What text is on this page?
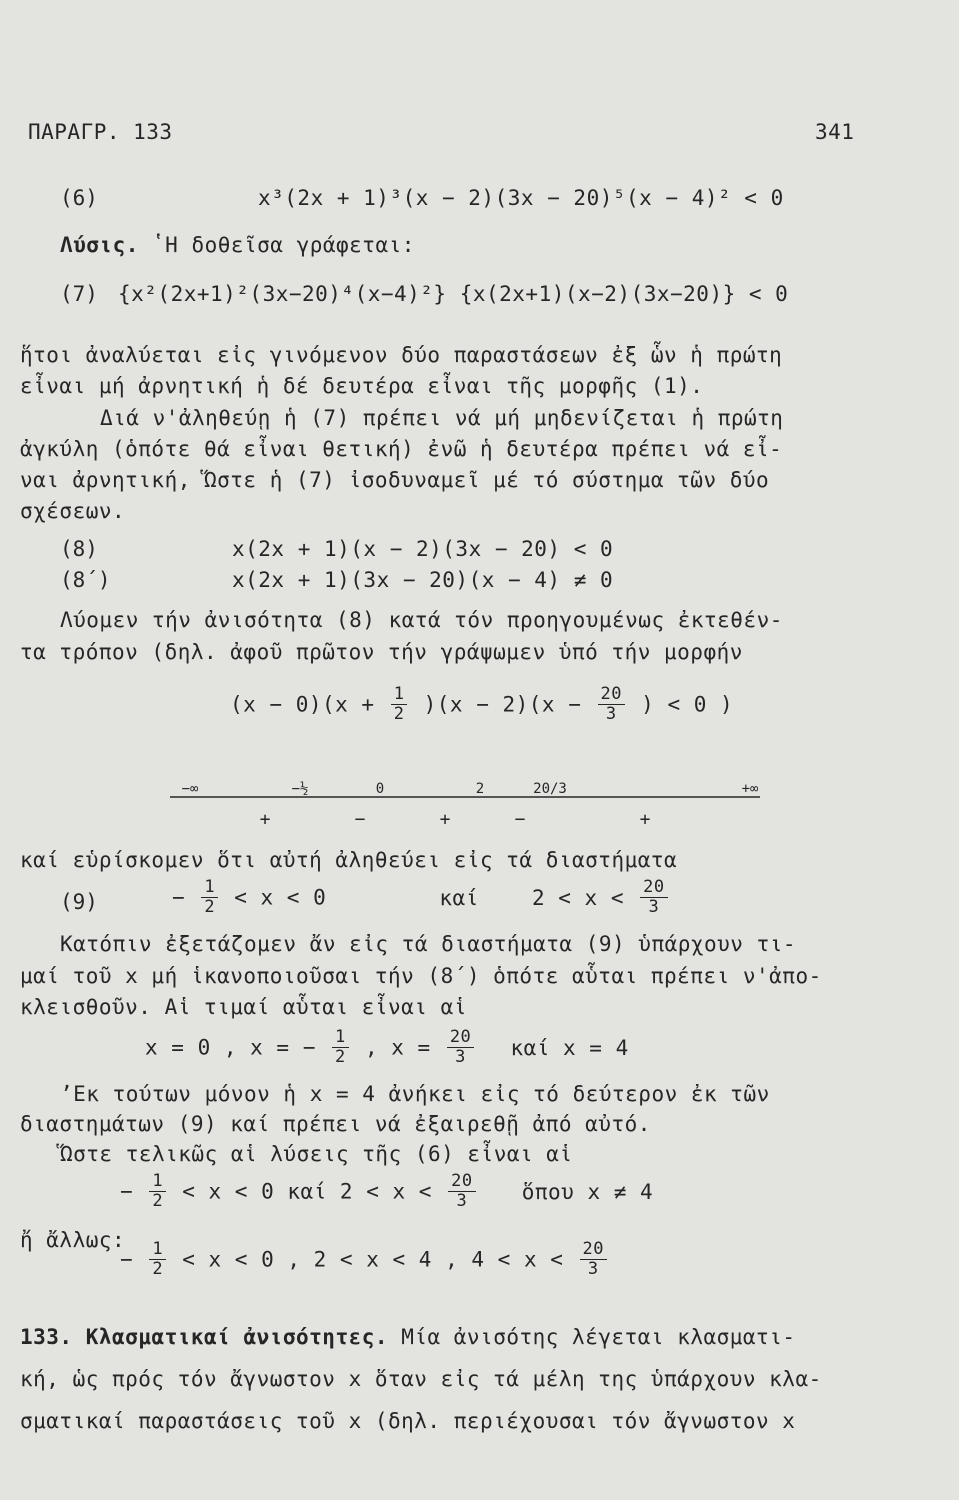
ΠΑΡΑΓΡ. 133	341
(6)	x³(2x + 1)³(x − 2)(3x − 20)⁵(x − 4)² < 0
Λύσις. ʽΗ δοθεῖσα γράφεται:
(7) {x²(2x+1)²(3x−20)⁴(x−4)²} {x(2x+1)(x−2)(3x−20)} < 0
ἥτοι ἀναλύεται εἰς γινόμενον δύο παραστάσεων ἐξ ὧν ἡ πρώτη
εἶναι μή ἀρνητική ἡ δέ δευτέρα εἶναι τῆς μορφῆς (1).
Διά ν'ἀληθεύῃ ἡ (7) πρέπει νά μή μηδενίζεται ἡ πρώτη
ἀγκύλη (ὁπότε θά εἶναι θετική) ἐνῶ ἡ δευτέρα πρέπει νά εἶ-
ναι ἀρνητική, Ὥστε ἡ (7) ἰσοδυναμεῖ μέ τό σύστημα τῶν δύο
σχέσεων.
(8)	x(2x + 1)(x − 2)(3x − 20) < 0
(8΄)	x(2x + 1)(3x − 20)(x − 4) ≠ 0
Λύομεν τήν ἀνισότητα (8) κατά τόν προηγουμένως ἐκτεθέν-
τα τρόπον (δηλ. ἀφοῦ πρῶτον τήν γράψωμεν ὑπό τήν μορφήν
$(x - 0)(x + \frac{1}{2} )(x - 2)(x - \frac{20}{3}$ ) < 0 )
−∞	−½	0	2	20/3	+∞
+	−	+	−	+
καί εὑρίσκομεν ὅτι αὐτή ἀληθεύει εἰς τά διαστήματα
(9)	− $\frac{1}{2} < x < 0$	καί	$2 < x < \frac{20}{3}$
Κατόπιν ἐξετάζομεν ἄν εἰς τά διαστήματα (9) ὑπάρχουν τι-
μαί τοῦ x μή ἱκανοποιοῦσαι τήν (8΄) ὁπότε αὗται πρέπει ν'ἀπο-
κλεισθοῦν. Αἱ τιμαί αὗται εἶναι αἱ
x = 0 , x = − $\frac{1}{2}$ , $x = \frac{20}{3}$ καί x = 4
ʼΕκ τούτων μόνον ἡ x = 4 ἀνήκει εἰς τό δεύτερον ἐκ τῶν
διαστημάτων (9) καί πρέπει νά ἐξαιρεθῇ ἀπό αὐτό.
Ὥστε τελικῶς αἱ λύσεις τῆς (6) εἶναι αἱ
− $\frac{1}{2} < x < 0$ καί $2 < x < \frac{20}{3}$ ὅπου x ≠ 4
ἤ ἄλλως:
− $\frac{1}{2} < x < 0$ , 2 < x < 4 , $4 < x < \frac{20}{3}$
133. Κλασματικαί ἀνισότητες. Μία ἀνισότης λέγεται κλασματι-
κή, ὡς πρός τόν ἄγνωστον x ὅταν εἰς τά μέλη της ὑπάρχουν κλα-
σματικαί παραστάσεις τοῦ x (δηλ. περιέχουσαι τόν ἄγνωστον x
